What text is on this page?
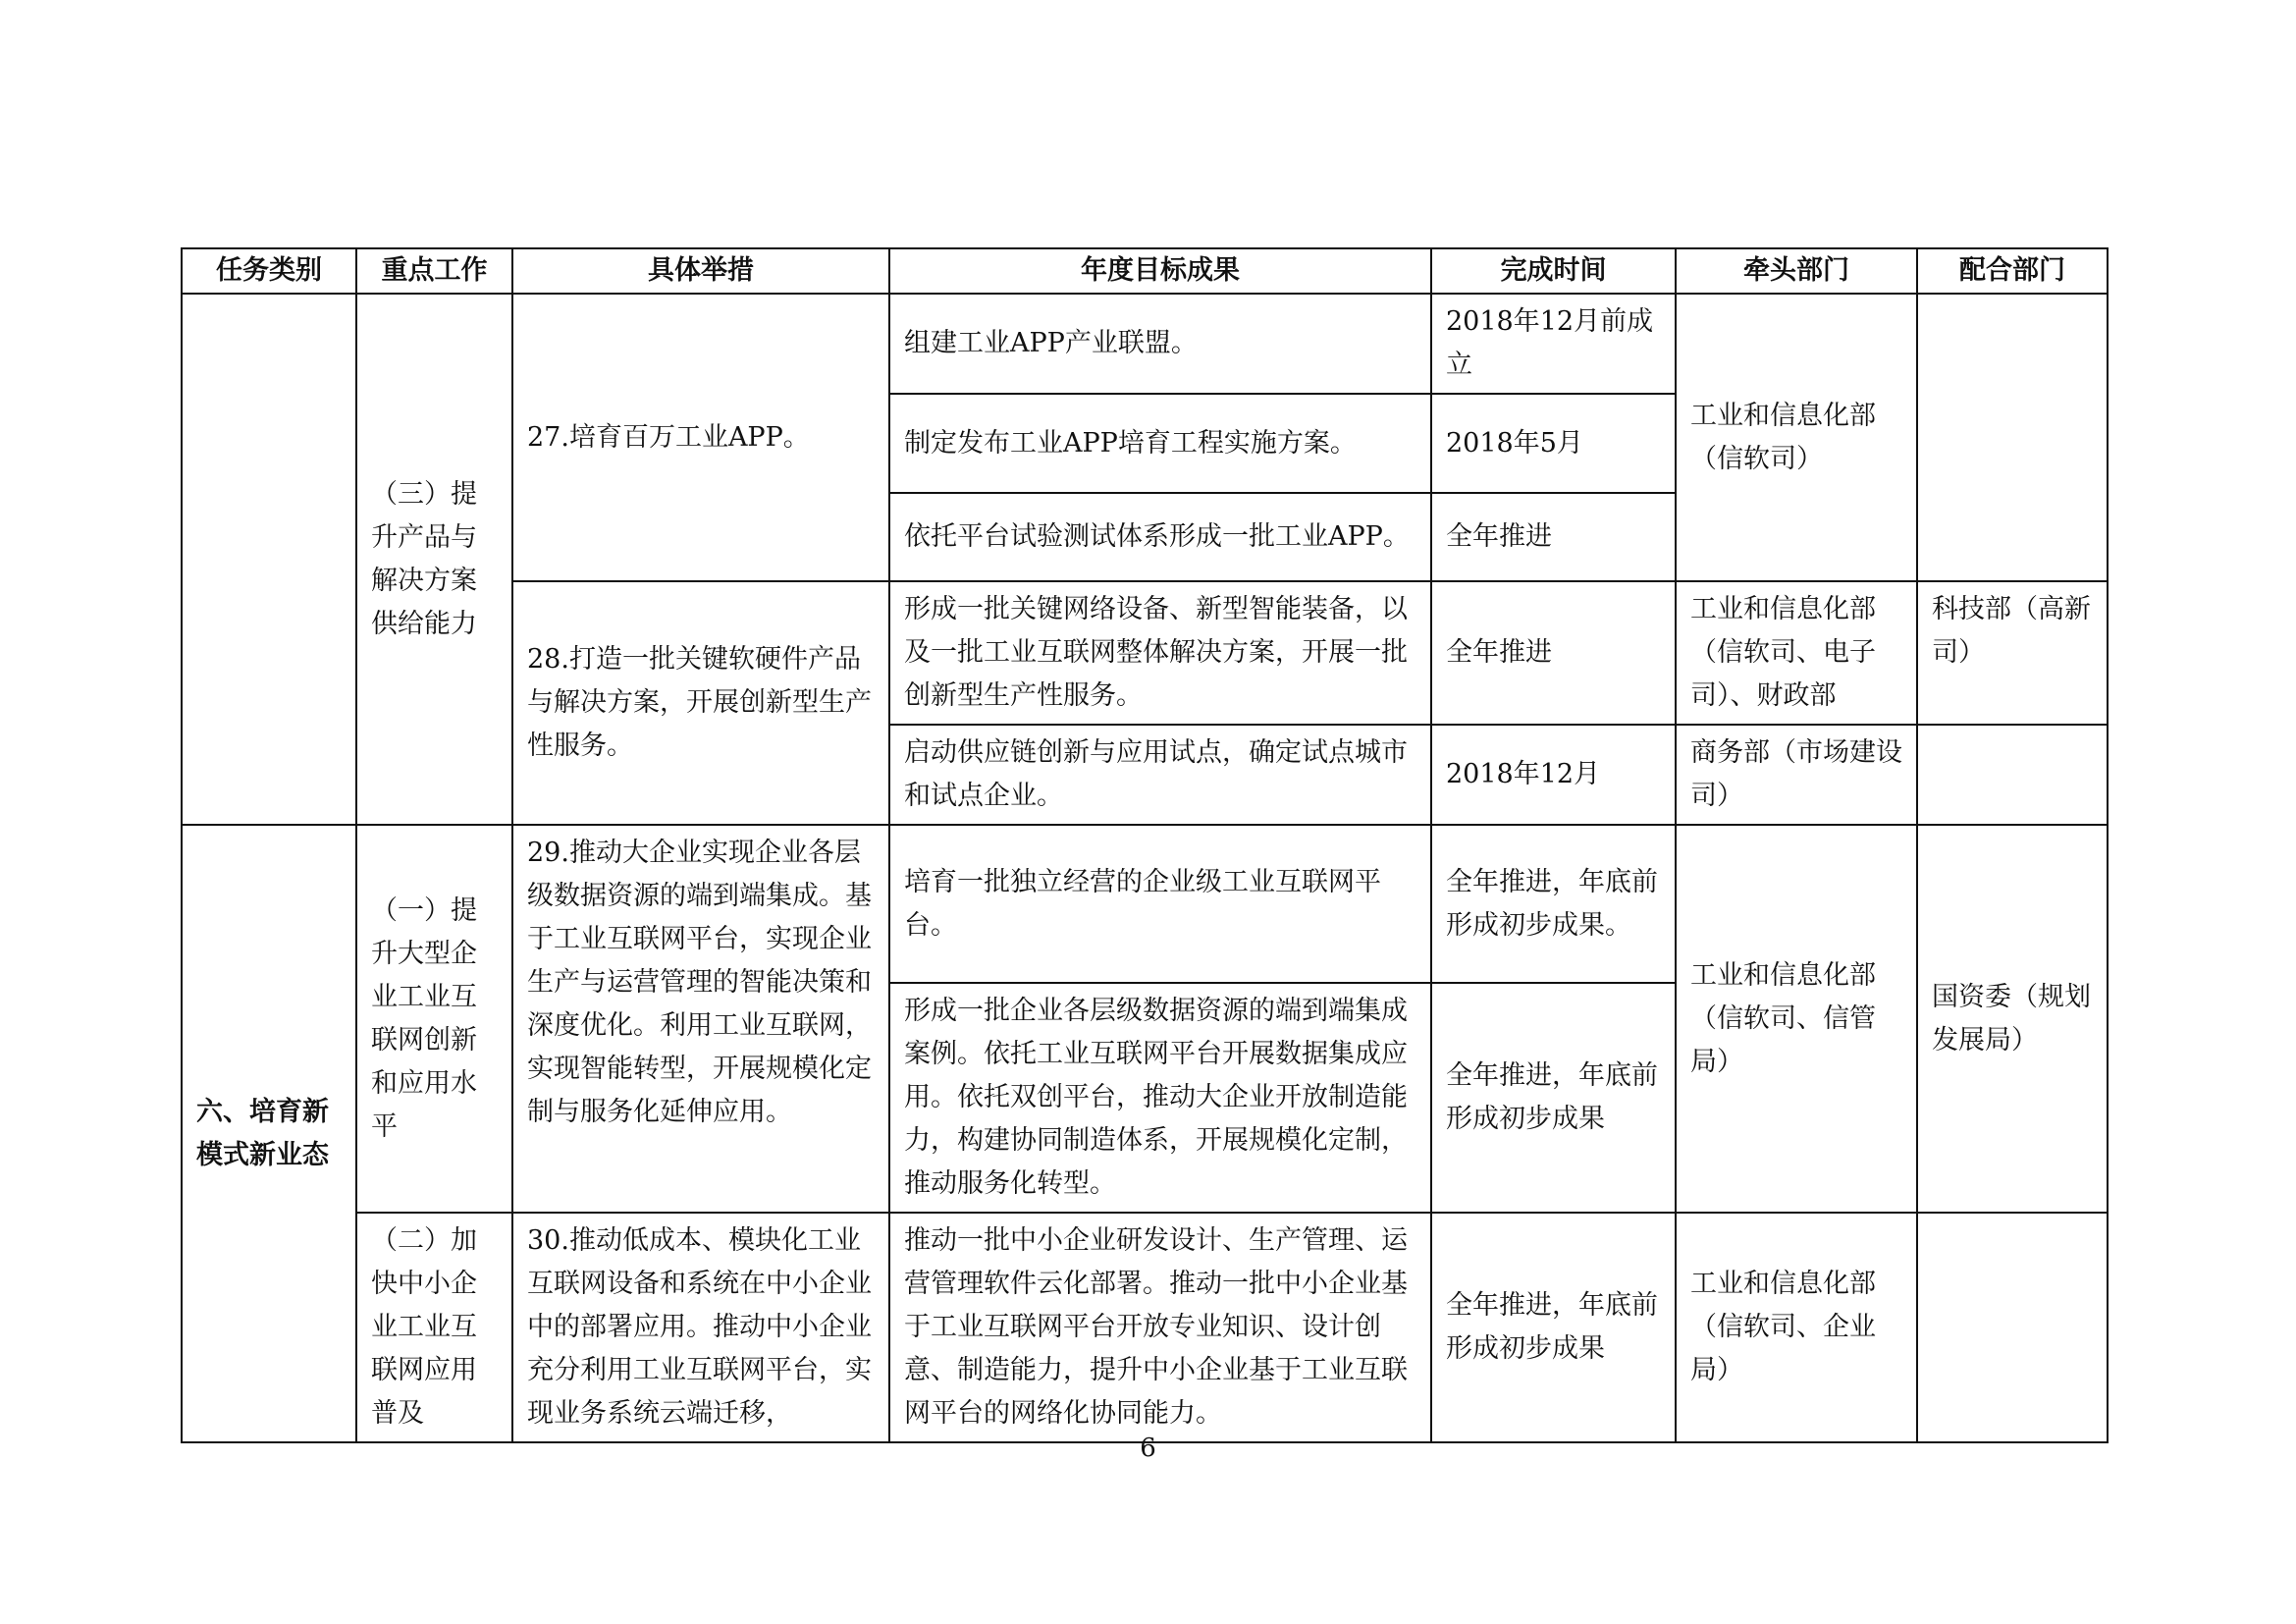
任务类别	重点工作	具体举措	年度目标成果	完成时间	牵头部门	配合部门
	（三）提升产品与解决方案供给能力	27.培育百万工业APP。	组建工业APP产业联盟。	2018年12月前成立	工业和信息化部（信软司）	
			制定发布工业APP培育工程实施方案。	2018年5月		
			依托平台试验测试体系形成一批工业APP。	全年推进		
		28.打造一批关键软硬件产品与解决方案，开展创新型生产性服务。	形成一批关键网络设备、新型智能装备，以及一批工业互联网整体解决方案，开展一批创新型生产性服务。	全年推进	工业和信息化部（信软司、电子司）、财政部	科技部（高新司）
			启动供应链创新与应用试点，确定试点城市和试点企业。	2018年12月	商务部（市场建设司）	
六、培育新模式新业态	（一）提升大型企业工业互联网创新和应用水平	29.推动大企业实现企业各层级数据资源的端到端集成。基于工业互联网平台，实现企业生产与运营管理的智能决策和深度优化。利用工业互联网，实现智能转型，开展规模化定制与服务化延伸应用。	培育一批独立经营的企业级工业互联网平台。	全年推进，年底前形成初步成果。	工业和信息化部（信软司、信管局）	国资委（规划发展局）
			形成一批企业各层级数据资源的端到端集成案例。依托工业互联网平台开展数据集成应用。依托双创平台，推动大企业开放制造能力，构建协同制造体系，开展规模化定制，推动服务化转型。	全年推进，年底前形成初步成果		
	（二）加快中小企业工业互联网应用普及	30.推动低成本、模块化工业互联网设备和系统在中小企业中的部署应用。推动中小企业充分利用工业互联网平台，实现业务系统云端迁移，	推动一批中小企业研发设计、生产管理、运营管理软件云化部署。推动一批中小企业基于工业互联网平台开放专业知识、设计创意、制造能力，提升中小企业基于工业互联网平台的网络化协同能力。	全年推进，年底前形成初步成果	工业和信息化部（信软司、企业局）	
6
